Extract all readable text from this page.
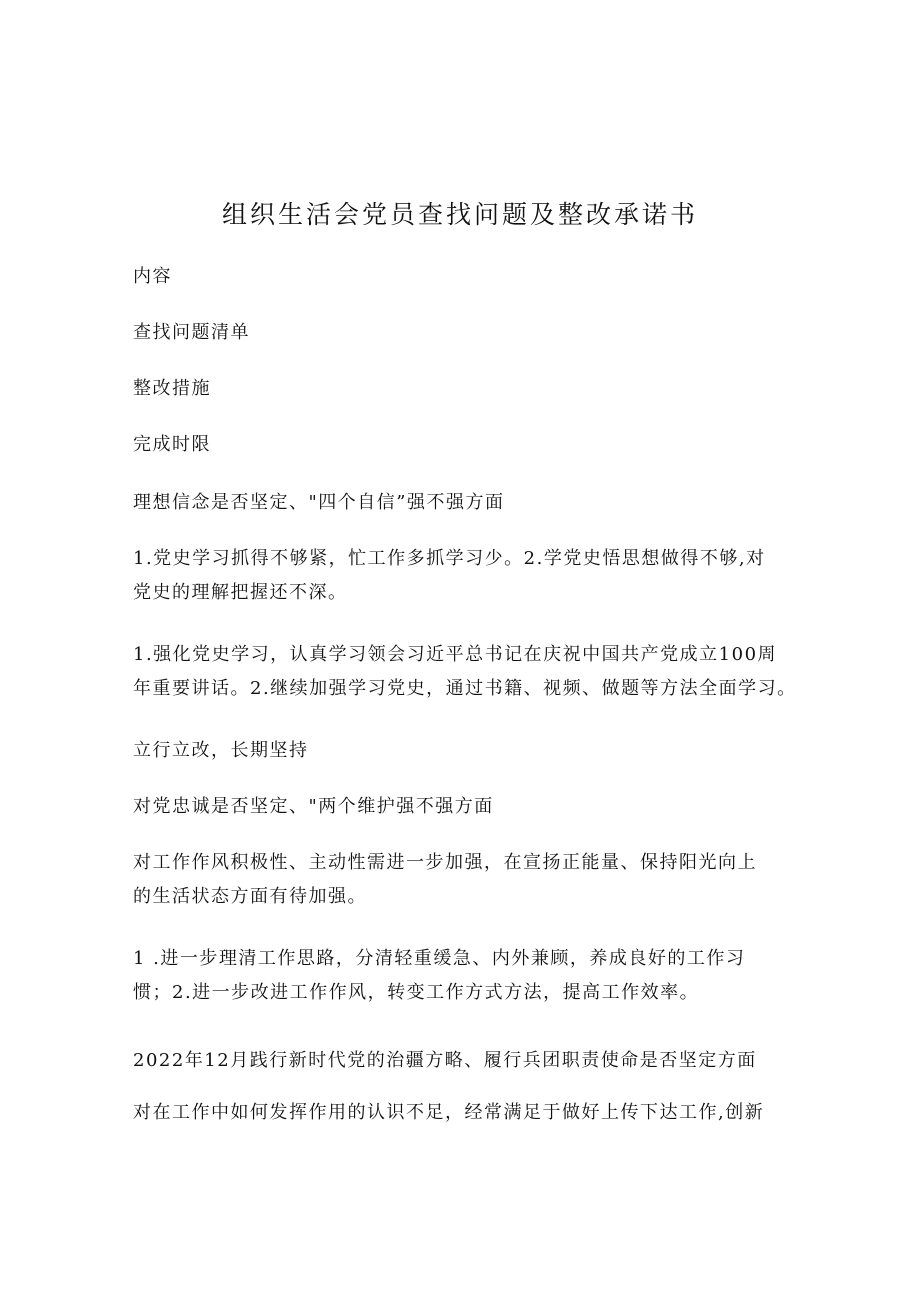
组织生活会党员查找问题及整改承诺书
内容
查找问题清单
整改措施
完成时限
理想信念是否坚定、"四个自信”强不强方面
1.党史学习抓得不够紧，忙工作多抓学习少。2.学党史悟思想做得不够,对
党史的理解把握还不深。
1.强化党史学习，认真学习领会习近平总书记在庆祝中国共产党成立100周
年重要讲话。2.继续加强学习党史，通过书籍、视频、做题等方法全面学习。
立行立改，长期坚持
对党忠诚是否坚定、"两个维护强不强方面
对工作作风积极性、主动性需进一步加强，在宣扬正能量、保持阳光向上
的生活状态方面有待加强。
1 .进一步理清工作思路，分清轻重缓急、内外兼顾，养成良好的工作习
惯；2.进一步改进工作作风，转变工作方式方法，提高工作效率。
2022年12月践行新时代党的治疆方略、履行兵团职责使命是否坚定方面
对在工作中如何发挥作用的认识不足，经常满足于做好上传下达工作,创新
